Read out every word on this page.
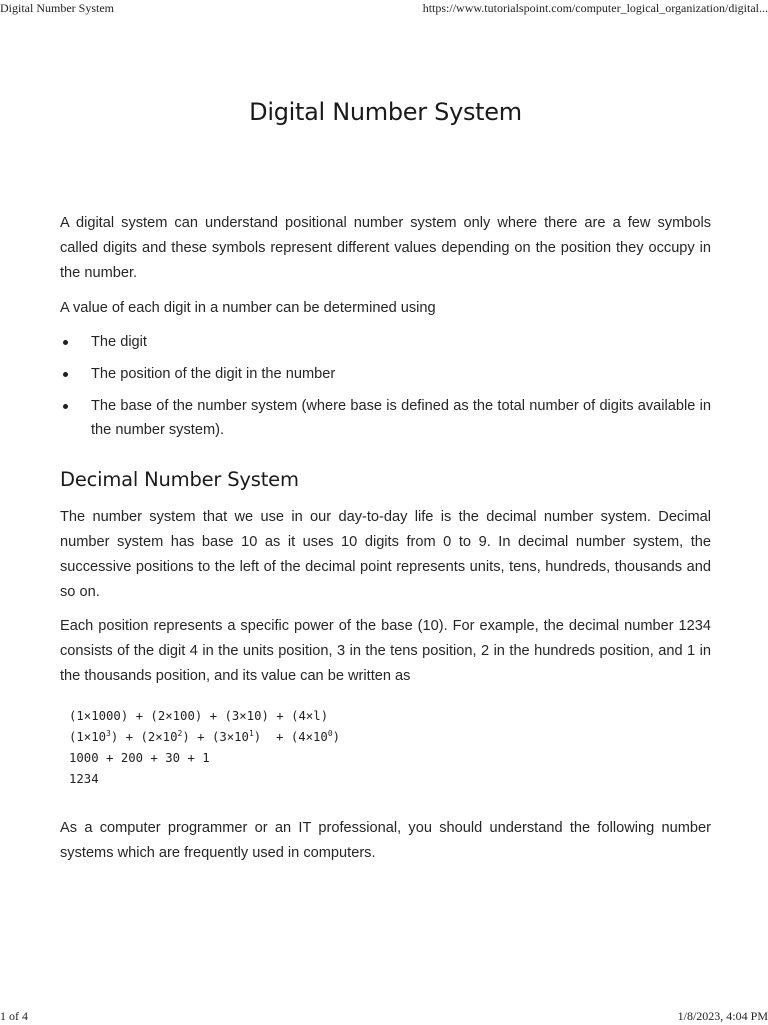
Digital Number System	https://www.tutorialspoint.com/computer_logical_organization/digital...
Digital Number System

A digital system can understand positional number system only where there are a few symbols called digits and these symbols represent different values depending on the position they occupy in the number.

A value of each digit in a number can be determined using

The digit
The position of the digit in the number
The base of the number system (where base is defined as the total number of digits available in the number system).
Decimal Number System

The number system that we use in our day-to-day life is the decimal number system. Decimal number system has base 10 as it uses 10 digits from 0 to 9. In decimal number system, the successive positions to the left of the decimal point represents units, tens, hundreds, thousands and so on.

Each position represents a specific power of the base (10). For example, the decimal number 1234 consists of the digit 4 in the units position, 3 in the tens position, 2 in the hundreds position, and 1 in the thousands position, and its value can be written as

(1×1000) + (2×100) + (3×10) + (4×l)
$(1\times 10^3) + (2\times 10^2) + (3\times 10^1) + (4\times 10^0)$
1000 + 200 + 30 + 1
1234

As a computer programmer or an IT professional, you should understand the following number systems which are frequently used in computers.

1 of 4	1/8/2023, 4:04 PM
